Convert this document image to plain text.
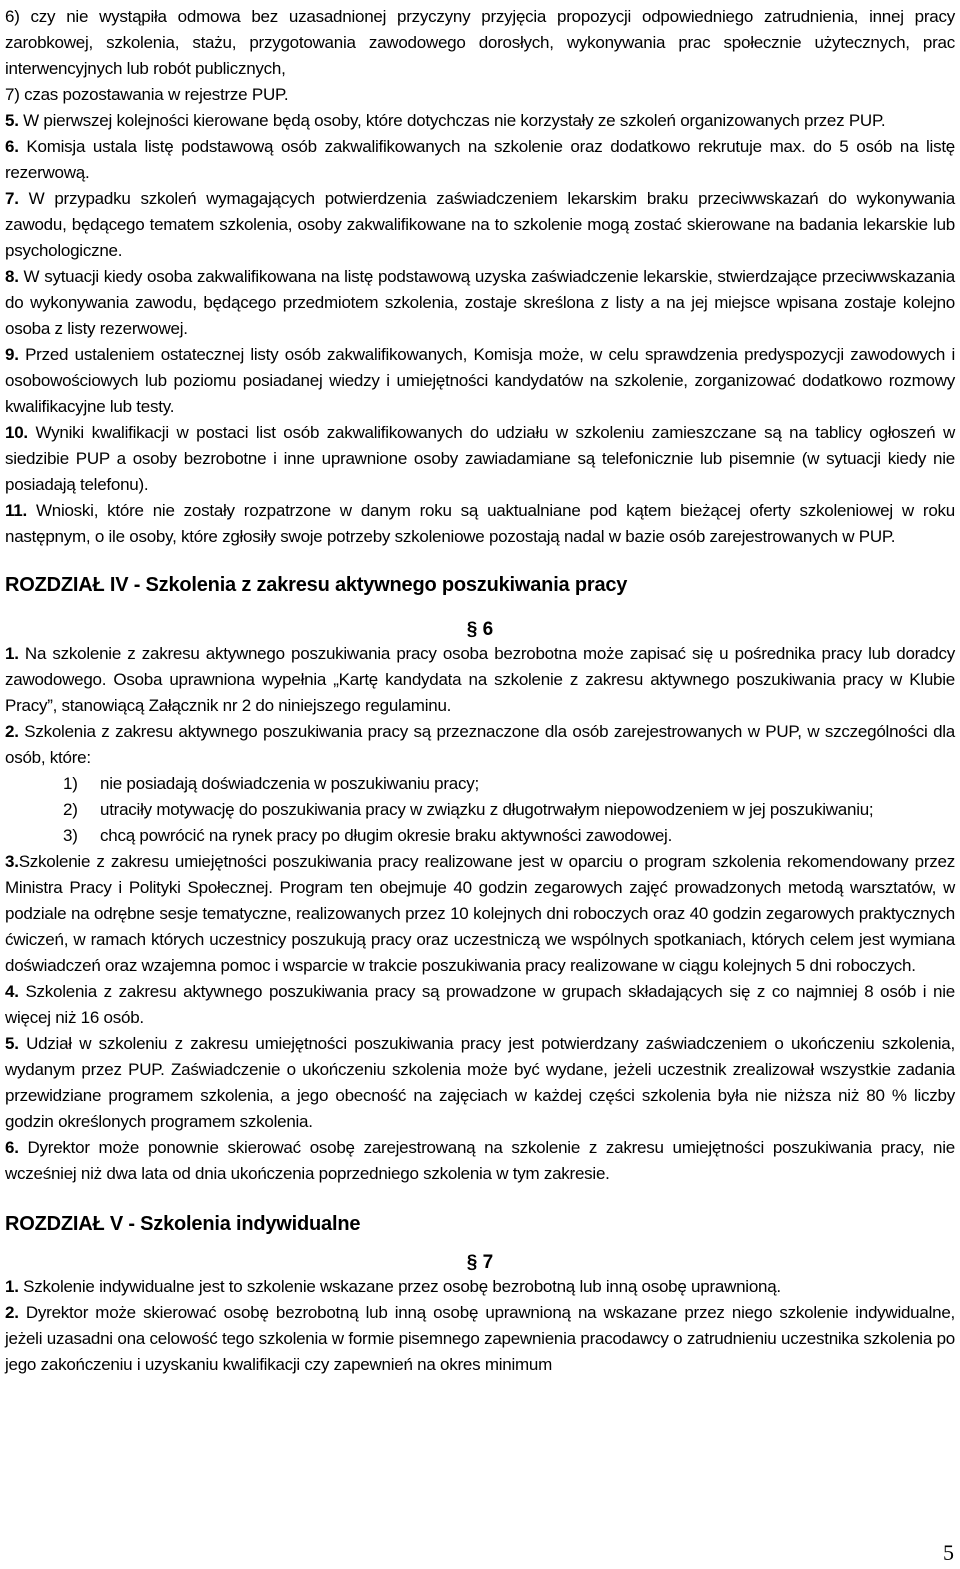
6) czy nie wystąpiła odmowa bez uzasadnionej przyczyny przyjęcia propozycji odpowiedniego zatrudnienia, innej pracy zarobkowej, szkolenia, stażu, przygotowania zawodowego dorosłych, wykonywania prac społecznie użytecznych, prac interwencyjnych lub robót publicznych,

7) czas pozostawania w rejestrze PUP.

5. W pierwszej kolejności kierowane będą osoby, które dotychczas nie korzystały ze szkoleń organizowanych przez PUP.

6. Komisja ustala listę podstawową osób zakwalifikowanych na szkolenie oraz dodatkowo rekrutuje max. do 5 osób na listę rezerwową.

7. W przypadku szkoleń wymagających potwierdzenia zaświadczeniem lekarskim braku przeciwwskazań do wykonywania zawodu, będącego tematem szkolenia, osoby zakwalifikowane na to szkolenie mogą zostać skierowane na badania lekarskie lub psychologiczne.

8. W sytuacji kiedy osoba zakwalifikowana na listę podstawową uzyska zaświadczenie lekarskie, stwierdzające przeciwwskazania do wykonywania zawodu, będącego przedmiotem szkolenia, zostaje skreślona z listy a na jej miejsce wpisana zostaje kolejno osoba z listy rezerwowej.

9. Przed ustaleniem ostatecznej listy osób zakwalifikowanych, Komisja może, w celu sprawdzenia predyspozycji zawodowych i osobowościowych lub poziomu posiadanej wiedzy i umiejętności kandydatów na szkolenie, zorganizować dodatkowo rozmowy kwalifikacyjne lub testy.

10. Wyniki kwalifikacji w postaci list osób zakwalifikowanych do udziału w szkoleniu zamieszczane są na tablicy ogłoszeń w siedzibie PUP a osoby bezrobotne i inne uprawnione osoby zawiadamiane są telefonicznie lub pisemnie (w sytuacji kiedy nie posiadają telefonu).

11. Wnioski, które nie zostały rozpatrzone w danym roku są uaktualniane pod kątem bieżącej oferty szkoleniowej w roku następnym, o ile osoby, które zgłosiły swoje potrzeby szkoleniowe pozostają nadal w bazie osób zarejestrowanych w PUP.

ROZDZIAŁ IV - Szkolenia z zakresu aktywnego poszukiwania pracy

§ 6

1. Na szkolenie z zakresu aktywnego poszukiwania pracy osoba bezrobotna może zapisać się u pośrednika pracy lub doradcy zawodowego. Osoba uprawniona wypełnia „Kartę kandydata na szkolenie z zakresu aktywnego poszukiwania pracy w Klubie Pracy”, stanowiącą Załącznik nr 2 do niniejszego regulaminu.

2. Szkolenia z zakresu aktywnego poszukiwania pracy są przeznaczone dla osób zarejestrowanych w PUP, w szczególności dla osób, które:

1) nie posiadają doświadczenia w poszukiwaniu pracy;
2) utraciły motywację do poszukiwania pracy w związku z długotrwałym niepowodzeniem w jej poszukiwaniu;
3) chcą powrócić na rynek pracy po długim okresie braku aktywności zawodowej.

3.Szkolenie z zakresu umiejętności poszukiwania pracy realizowane jest w oparciu o program szkolenia rekomendowany przez Ministra Pracy i Polityki Społecznej. Program ten obejmuje 40 godzin zegarowych zajęć prowadzonych metodą warsztatów, w podziale na odrębne sesje tematyczne, realizowanych przez 10 kolejnych dni roboczych oraz 40 godzin zegarowych praktycznych ćwiczeń, w ramach których uczestnicy poszukują pracy oraz uczestniczą we wspólnych spotkaniach, których celem jest wymiana doświadczeń oraz wzajemna pomoc i wsparcie w trakcie poszukiwania pracy realizowane w ciągu kolejnych 5 dni roboczych.

4. Szkolenia z zakresu aktywnego poszukiwania pracy są prowadzone w grupach składających się z co najmniej 8 osób i nie więcej niż 16 osób.

5. Udział w szkoleniu z zakresu umiejętności poszukiwania pracy jest potwierdzany zaświadczeniem o ukończeniu szkolenia, wydanym przez PUP. Zaświadczenie o ukończeniu szkolenia może być wydane, jeżeli uczestnik zrealizował wszystkie zadania przewidziane programem szkolenia, a jego obecność na zajęciach w każdej części szkolenia była nie niższa niż 80 % liczby godzin określonych programem szkolenia.

6. Dyrektor może ponownie skierować osobę zarejestrowaną na szkolenie z zakresu umiejętności poszukiwania pracy, nie wcześniej niż dwa lata od dnia ukończenia poprzedniego szkolenia w tym zakresie.

ROZDZIAŁ V - Szkolenia indywidualne

§ 7

1. Szkolenie indywidualne jest to szkolenie wskazane przez osobę bezrobotną lub inną osobę uprawnioną.

2. Dyrektor może skierować osobę bezrobotną lub inną osobę uprawnioną na wskazane przez niego szkolenie indywidualne, jeżeli uzasadni ona celowość tego szkolenia w formie pisemnego zapewnienia pracodawcy o zatrudnieniu uczestnika szkolenia po jego zakończeniu i uzyskaniu kwalifikacji czy zapewnień na okres minimum

5
